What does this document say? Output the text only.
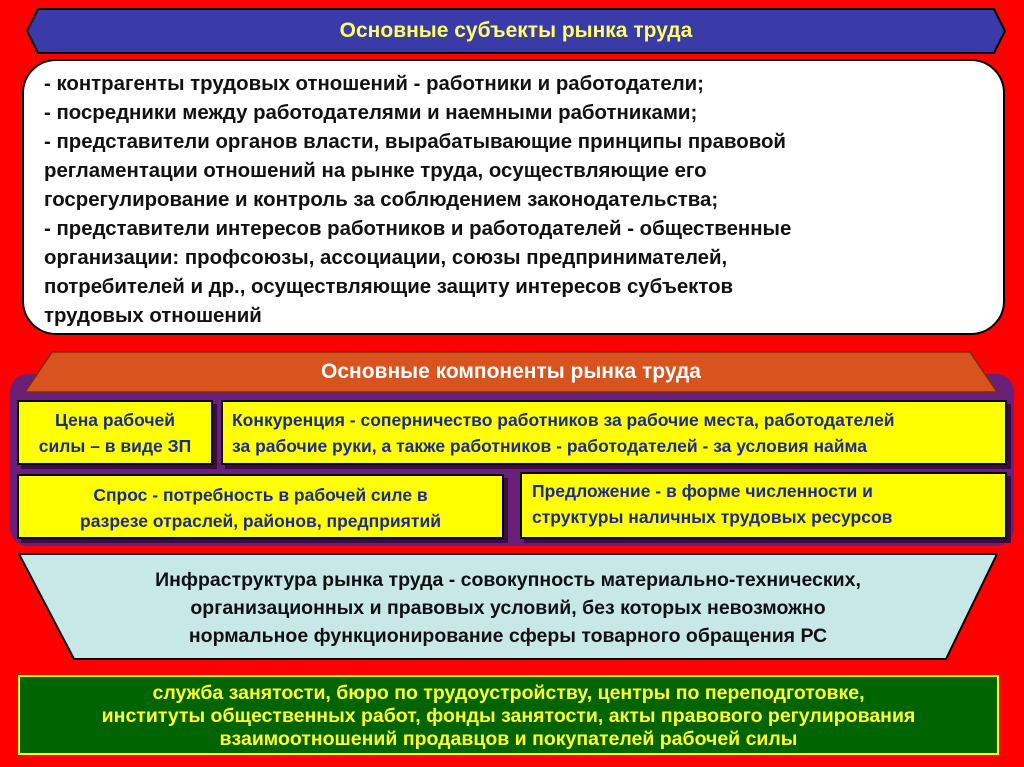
Основные субъекты рынка труда
- контрагенты трудовых отношений - работники и работодатели;
- посредники между работодателями и наемными работниками;
- представители органов власти, вырабатывающие принципы правовой
регламентации отношений на рынке труда, осуществляющие его
госрегулирование и контроль за соблюдением законодательства;
- представители интересов работников и работодателей - общественные
организации: профсоюзы, ассоциации, союзы предпринимателей,
потребителей и др., осуществляющие защиту интересов субъектов
трудовых отношений
Основные компоненты рынка труда
Цена рабочей
силы – в виде ЗП
Конкуренция - соперничество работников за рабочие места, работодателей
за рабочие руки, а также работников - работодателей - за условия найма
Спрос - потребность в рабочей силе в
разрезе отраслей, районов, предприятий
Предложение - в форме численности и
структуры наличных трудовых ресурсов
Инфраструктура рынка труда - совокупность материально-технических,
организационных и правовых условий, без которых невозможно
нормальное функционирование сферы товарного обращения РС
служба занятости, бюро по трудоустройству, центры по переподготовке,
институты общественных работ, фонды занятости, акты правового регулирования
взаимоотношений продавцов и покупателей рабочей силы
